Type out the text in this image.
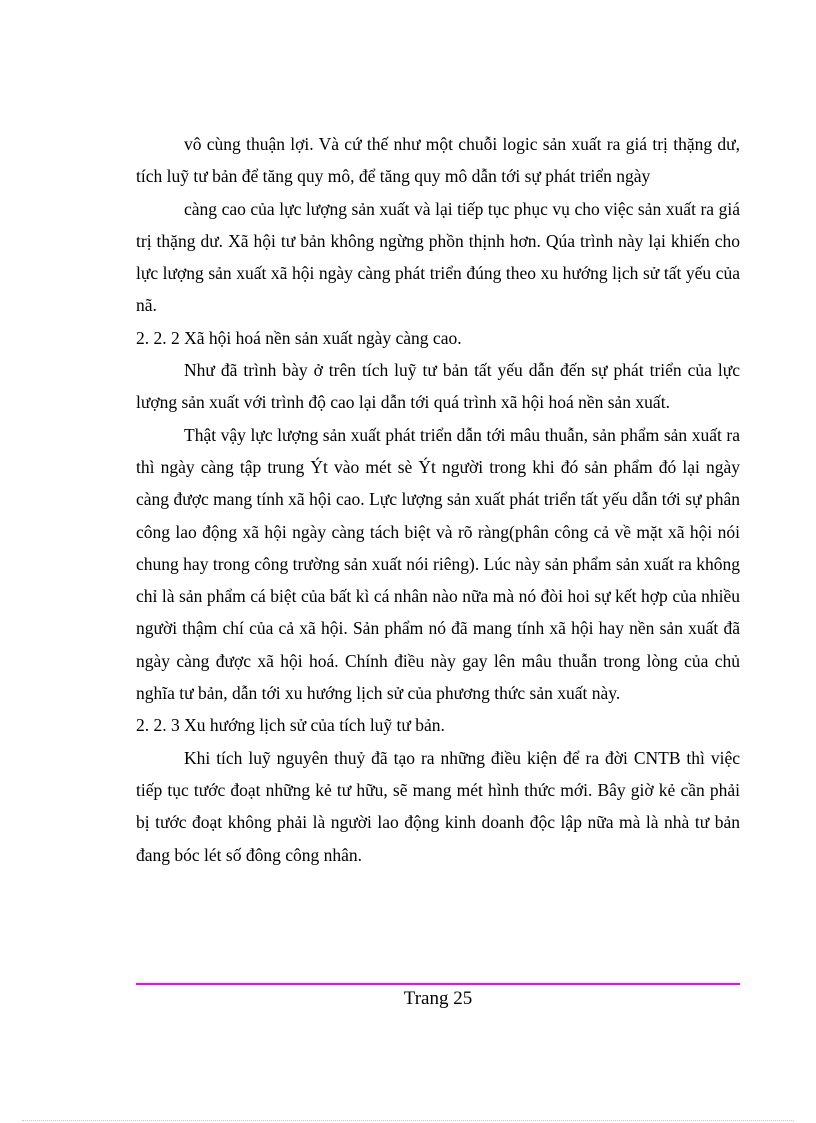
vô cùng thuận lợi. Và cứ thế như một chuỗi logic sản xuất ra giá trị thặng dư, tích luỹ tư bản để tăng quy mô, để tăng quy mô dẫn tới sự phát triển ngày

càng cao của lực lượng sản xuất và lại tiếp tục phục vụ cho việc sản xuất ra giá trị thặng dư. Xã hội tư bản không ngừng phồn thịnh hơn. Qúa trình này lại khiến cho lực lượng sản xuất xã hội ngày càng phát triển đúng theo xu hướng lịch sử tất yếu của nã.

2. 2. 2 Xã hội hoá nền sản xuất ngày càng cao.

Như đã trình bày ở trên tích luỹ tư bản tất yếu dẫn đến sự phát triển của lực lượng sản xuất với trình độ cao lại dẫn tới quá trình xã hội hoá nền sản xuất.

Thật vậy lực lượng sản xuất phát triển dẫn tới mâu thuẫn, sản phẩm sản xuất ra thì ngày càng tập trung Ýt vào mét sè Ýt người trong khi đó sản phẩm đó lại ngày càng được mang tính xã hội cao. Lực lượng sản xuất phát triển tất yếu dẫn tới sự phân công lao động xã hội ngày càng tách biệt và rõ ràng(phân công cả về mặt xã hội nói chung hay trong công trường sản xuất nói riêng). Lúc này sản phẩm sản xuất ra không chỉ là sản phẩm cá biệt của bất kì cá nhân nào nữa mà nó đòi hoi sự kết hợp của nhiều người thậm chí của cả xã hội. Sản phẩm nó đã mang tính xã hội hay nền sản xuất đã ngày càng được xã hội hoá. Chính điều này gay lên mâu thuẫn trong lòng của chủ nghĩa tư bản, dẫn tới xu hướng lịch sử của phương thức sản xuất này.

2. 2. 3 Xu hướng lịch sử của tích luỹ tư bản.

Khi tích luỹ nguyên thuỷ đã tạo ra những điều kiện để ra đời CNTB thì việc tiếp tục tước đoạt những kẻ tư hữu, sẽ mang mét hình thức mới. Bây giờ kẻ cần phải bị tước đoạt không phải là người lao động kinh doanh độc lập nữa mà là nhà tư bản đang bóc lét số đông công nhân.

Trang 25
